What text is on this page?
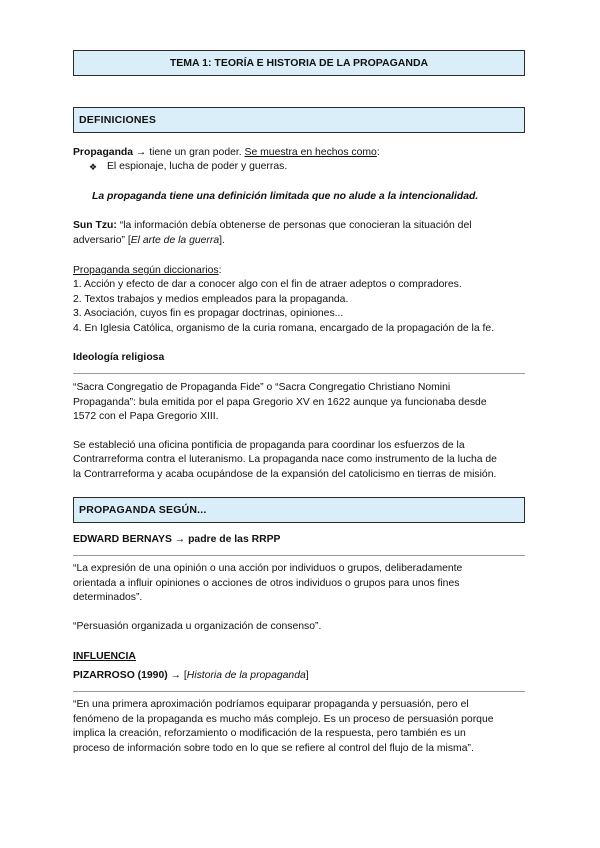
TEMA 1: TEORÍA E HISTORIA DE LA PROPAGANDA
DEFINICIONES
Propaganda → tiene un gran poder. Se muestra en hechos como:
❖ El espionaje, lucha de poder y guerras.
La propaganda tiene una definición limitada que no alude a la intencionalidad.
Sun Tzu: “la información debía obtenerse de personas que conocieran la situación del
adversario” [El arte de la guerra].
Propaganda según diccionarios:
1. Acción y efecto de dar a conocer algo con el fin de atraer adeptos o compradores.
2. Textos trabajos y medios empleados para la propaganda.
3. Asociación, cuyos fin es propagar doctrinas, opiniones...
4. En Iglesia Católica, organismo de la curia romana, encargado de la propagación de la fe.
Ideología religiosa
“Sacra Congregatio de Propaganda Fide” o “Sacra Congregatio Christiano Nomini
Propaganda”: bula emitida por el papa Gregorio XV en 1622 aunque ya funcionaba desde
1572 con el Papa Gregorio XIII.
Se estableció una oficina pontificia de propaganda para coordinar los esfuerzos de la
Contrarreforma contra el luteranismo. La propaganda nace como instrumento de la lucha de
la Contrarreforma y acaba ocupándose de la expansión del catolicismo en tierras de misión.
PROPAGANDA SEGÚN...
EDWARD BERNAYS → padre de las RRPP
“La expresión de una opinión o una acción por individuos o grupos, deliberadamente
orientada a influir opiniones o acciones de otros individuos o grupos para unos fines
determinados”.
“Persuasión organizada u organización de consenso”.
INFLUENCIA
PIZARROSO (1990) → [Historia de la propaganda]
“En una primera aproximación podríamos equiparar propaganda y persuasión, pero el
fenómeno de la propaganda es mucho más complejo. Es un proceso de persuasión porque
implica la creación, reforzamiento o modificación de la respuesta, pero también es un
proceso de información sobre todo en lo que se refiere al control del flujo de la misma”.
